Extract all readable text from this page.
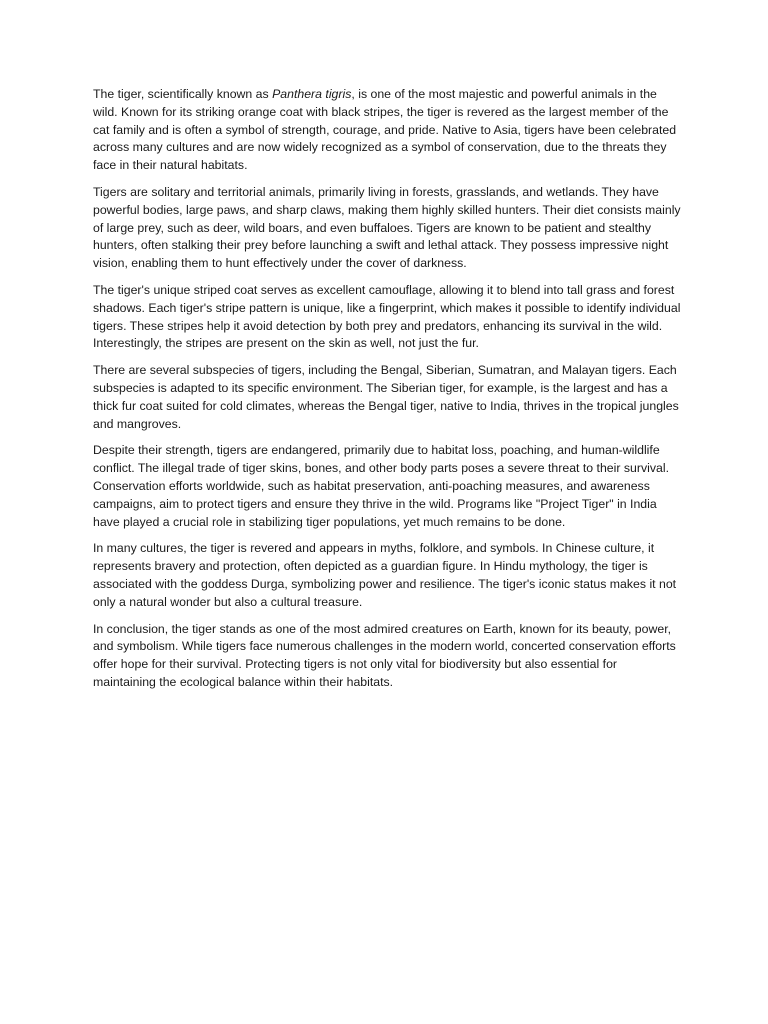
The tiger, scientifically known as Panthera tigris, is one of the most majestic and powerful animals in the wild. Known for its striking orange coat with black stripes, the tiger is revered as the largest member of the cat family and is often a symbol of strength, courage, and pride. Native to Asia, tigers have been celebrated across many cultures and are now widely recognized as a symbol of conservation, due to the threats they face in their natural habitats.

Tigers are solitary and territorial animals, primarily living in forests, grasslands, and wetlands. They have powerful bodies, large paws, and sharp claws, making them highly skilled hunters. Their diet consists mainly of large prey, such as deer, wild boars, and even buffaloes. Tigers are known to be patient and stealthy hunters, often stalking their prey before launching a swift and lethal attack. They possess impressive night vision, enabling them to hunt effectively under the cover of darkness.

The tiger's unique striped coat serves as excellent camouflage, allowing it to blend into tall grass and forest shadows. Each tiger's stripe pattern is unique, like a fingerprint, which makes it possible to identify individual tigers. These stripes help it avoid detection by both prey and predators, enhancing its survival in the wild. Interestingly, the stripes are present on the skin as well, not just the fur.

There are several subspecies of tigers, including the Bengal, Siberian, Sumatran, and Malayan tigers. Each subspecies is adapted to its specific environment. The Siberian tiger, for example, is the largest and has a thick fur coat suited for cold climates, whereas the Bengal tiger, native to India, thrives in the tropical jungles and mangroves.

Despite their strength, tigers are endangered, primarily due to habitat loss, poaching, and human-wildlife conflict. The illegal trade of tiger skins, bones, and other body parts poses a severe threat to their survival. Conservation efforts worldwide, such as habitat preservation, anti-poaching measures, and awareness campaigns, aim to protect tigers and ensure they thrive in the wild. Programs like "Project Tiger" in India have played a crucial role in stabilizing tiger populations, yet much remains to be done.

In many cultures, the tiger is revered and appears in myths, folklore, and symbols. In Chinese culture, it represents bravery and protection, often depicted as a guardian figure. In Hindu mythology, the tiger is associated with the goddess Durga, symbolizing power and resilience. The tiger's iconic status makes it not only a natural wonder but also a cultural treasure.

In conclusion, the tiger stands as one of the most admired creatures on Earth, known for its beauty, power, and symbolism. While tigers face numerous challenges in the modern world, concerted conservation efforts offer hope for their survival. Protecting tigers is not only vital for biodiversity but also essential for maintaining the ecological balance within their habitats.
